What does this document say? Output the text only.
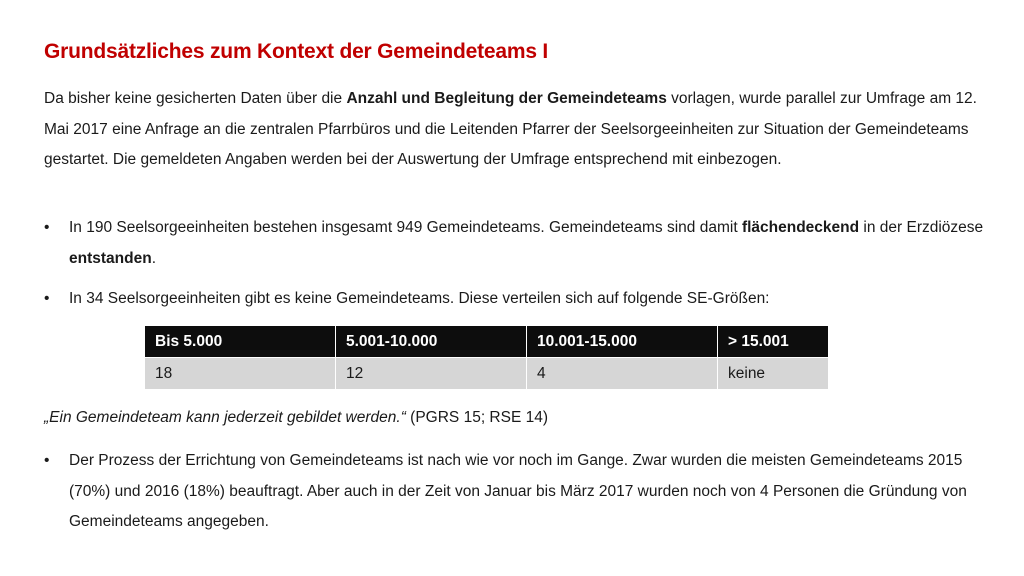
Grundsätzliches zum Kontext der Gemeindeteams I
Da bisher keine gesicherten Daten über die Anzahl und Begleitung der Gemeindeteams vorlagen, wurde parallel zur Umfrage am 12. Mai 2017 eine Anfrage an die zentralen Pfarrbüros und die Leitenden Pfarrer der Seelsorgeeinheiten zur Situation der Gemeindeteams gestartet. Die gemeldeten Angaben werden bei der Auswertung der Umfrage entsprechend mit einbezogen.
•	In 190 Seelsorgeeinheiten bestehen insgesamt 949 Gemeindeteams. Gemeindeteams sind damit flächendeckend in der Erzdiözese entstanden.
•	In 34 Seelsorgeeinheiten gibt es keine Gemeindeteams. Diese verteilen sich auf folgende SE-Größen:
Bis 5.000	5.001-10.000	10.001-15.000	> 15.001
18	12	4	keine
„Ein Gemeindeteam kann jederzeit gebildet werden.“ (PGRS 15; RSE 14)
•	Der Prozess der Errichtung von Gemeindeteams ist nach wie vor noch im Gange. Zwar wurden die meisten Gemeindeteams 2015 (70%) und 2016 (18%) beauftragt. Aber auch in der Zeit von Januar bis März 2017 wurden noch von 4 Personen die Gründung von Gemeindeteams angegeben.
